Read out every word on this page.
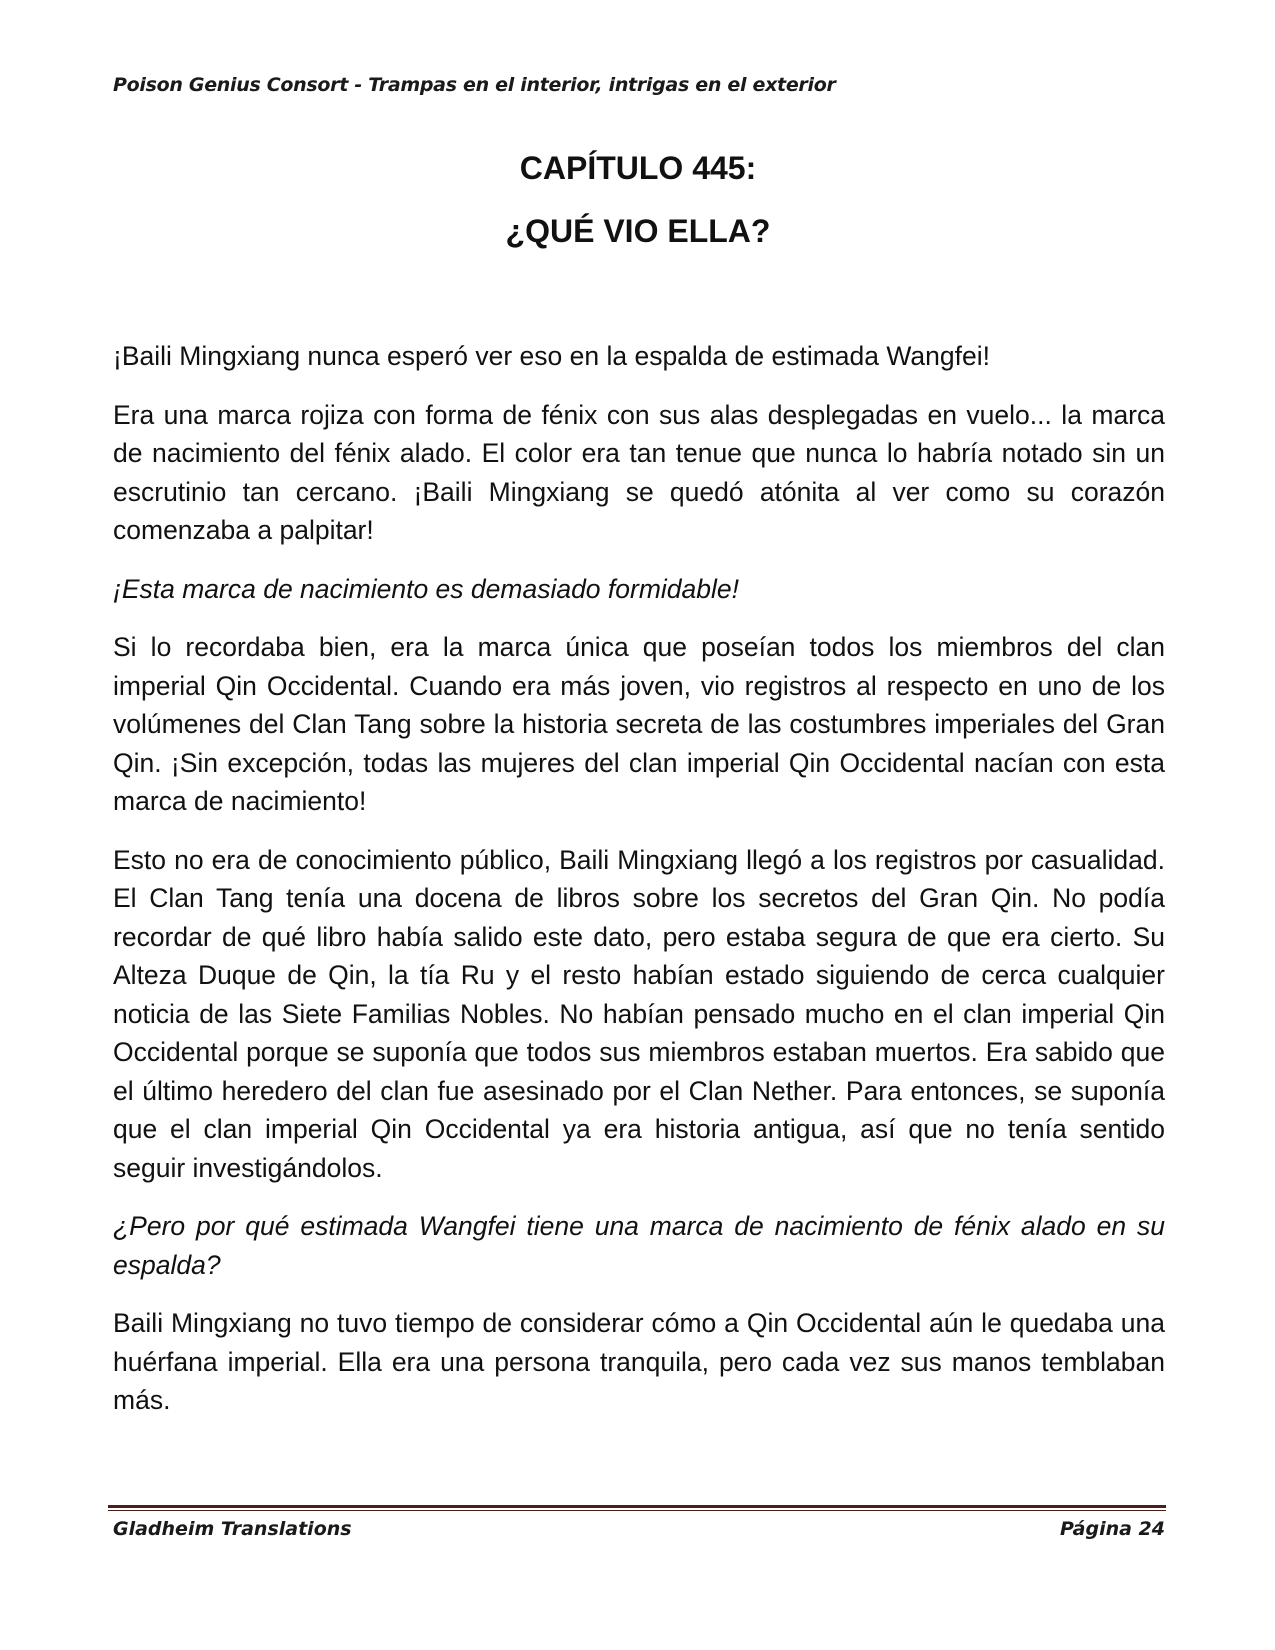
Poison Genius Consort - Trampas en el interior, intrigas en el exterior
CAPÍTULO 445:
¿QUÉ VIO ELLA?

¡Baili Mingxiang nunca esperó ver eso en la espalda de estimada Wangfei!

Era una marca rojiza con forma de fénix con sus alas desplegadas en vuelo... la marca de nacimiento del fénix alado. El color era tan tenue que nunca lo habría notado sin un escrutinio tan cercano. ¡Baili Mingxiang se quedó atónita al ver como su corazón comenzaba a palpitar!

¡Esta marca de nacimiento es demasiado formidable!

Si lo recordaba bien, era la marca única que poseían todos los miembros del clan imperial Qin Occidental. Cuando era más joven, vio registros al respecto en uno de los volúmenes del Clan Tang sobre la historia secreta de las costumbres imperiales del Gran Qin. ¡Sin excepción, todas las mujeres del clan imperial Qin Occidental nacían con esta marca de nacimiento!

Esto no era de conocimiento público, Baili Mingxiang llegó a los registros por casualidad. El Clan Tang tenía una docena de libros sobre los secretos del Gran Qin. No podía recordar de qué libro había salido este dato, pero estaba segura de que era cierto. Su Alteza Duque de Qin, la tía Ru y el resto habían estado siguiendo de cerca cualquier noticia de las Siete Familias Nobles. No habían pensado mucho en el clan imperial Qin Occidental porque se suponía que todos sus miembros estaban muertos. Era sabido que el último heredero del clan fue asesinado por el Clan Nether. Para entonces, se suponía que el clan imperial Qin Occidental ya era historia antigua, así que no tenía sentido seguir investigándolos.

¿Pero por qué estimada Wangfei tiene una marca de nacimiento de fénix alado en su espalda?

Baili Mingxiang no tuvo tiempo de considerar cómo a Qin Occidental aún le quedaba una huérfana imperial. Ella era una persona tranquila, pero cada vez sus manos temblaban más.

Gladheim Translations	Página 24
